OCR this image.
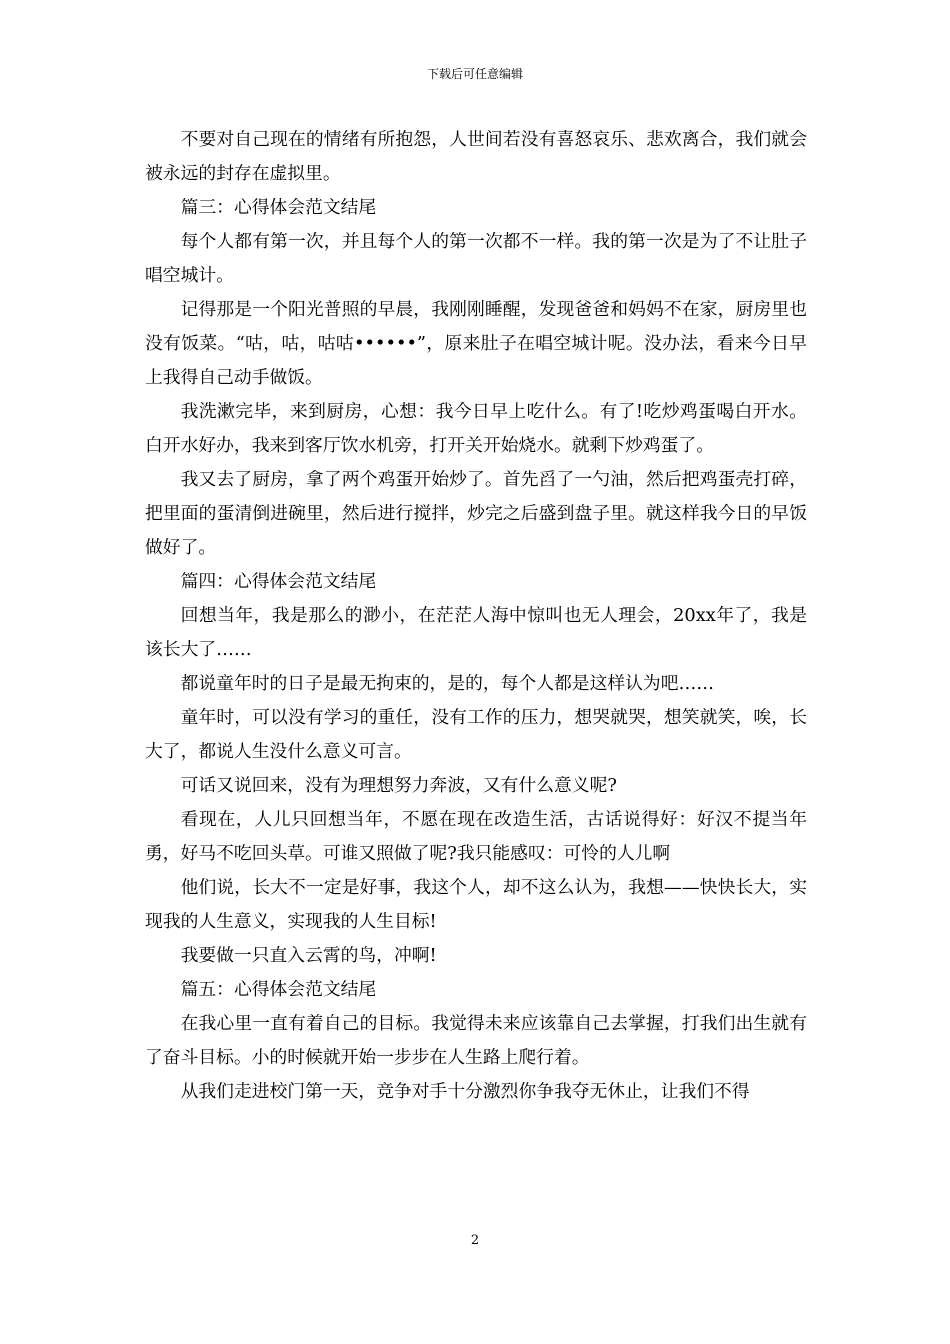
下载后可任意编辑

不要对自己现在的情绪有所抱怨，人世间若没有喜怒哀乐、悲欢离合，我们就会被永远的封存在虚拟里。

篇三：心得体会范文结尾

每个人都有第一次，并且每个人的第一次都不一样。我的第一次是为了不让肚子唱空城计。

记得那是一个阳光普照的早晨，我刚刚睡醒，发现爸爸和妈妈不在家，厨房里也没有饭菜。“咕，咕，咕咕••••••”，原来肚子在唱空城计呢。没办法，看来今日早上我得自己动手做饭。

我洗漱完毕，来到厨房，心想：我今日早上吃什么。有了!吃炒鸡蛋喝白开水。白开水好办，我来到客厅饮水机旁，打开关开始烧水。就剩下炒鸡蛋了。

我又去了厨房，拿了两个鸡蛋开始炒了。首先舀了一勺油，然后把鸡蛋壳打碎，把里面的蛋清倒进碗里，然后进行搅拌，炒完之后盛到盘子里。就这样我今日的早饭做好了。

篇四：心得体会范文结尾

回想当年，我是那么的渺小，在茫茫人海中惊叫也无人理会，20xx年了，我是该长大了……

都说童年时的日子是最无拘束的，是的，每个人都是这样认为吧……

童年时，可以没有学习的重任，没有工作的压力，想哭就哭，想笑就笑，唉，长大了，都说人生没什么意义可言。

可话又说回来，没有为理想努力奔波，又有什么意义呢?

看现在，人儿只回想当年，不愿在现在改造生活，古话说得好：好汉不提当年勇，好马不吃回头草。可谁又照做了呢?我只能感叹：可怜的人儿啊

他们说，长大不一定是好事，我这个人，却不这么认为，我想——快快长大，实现我的人生意义，实现我的人生目标!

我要做一只直入云霄的鸟，冲啊!

篇五：心得体会范文结尾

在我心里一直有着自己的目标。我觉得未来应该靠自己去掌握，打我们出生就有了奋斗目标。小的时候就开始一步步在人生路上爬行着。

从我们走进校门第一天，竞争对手十分激烈你争我夺无休止，让我们不得

2
